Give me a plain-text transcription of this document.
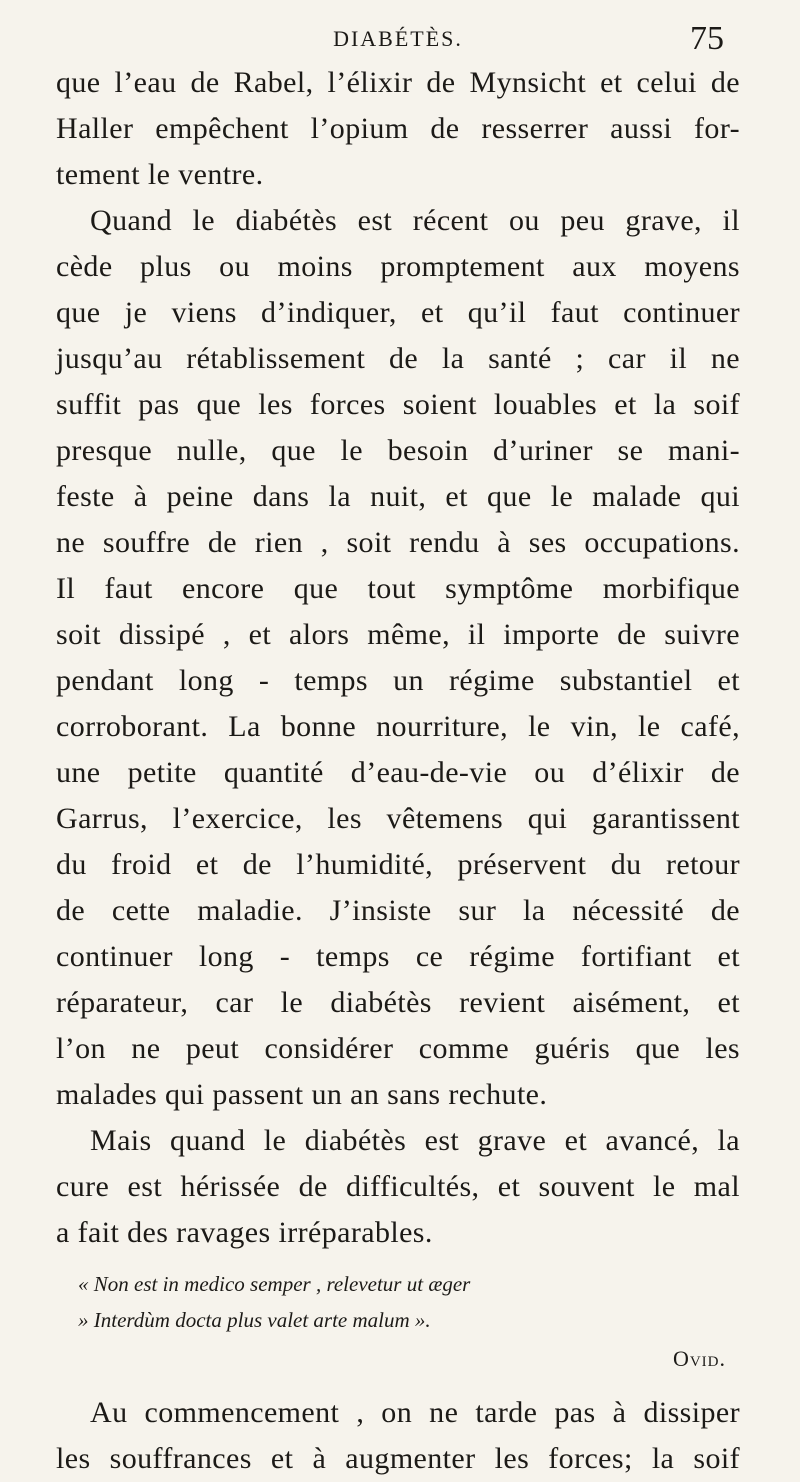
DIABÉTÈS.	75
que l’eau de Rabel, l’élixir de Mynsicht et celui de
Haller empêchent l’opium de resserrer aussi for-
tement le ventre.
Quand le diabétès est récent ou peu grave, il
cède plus ou moins promptement aux moyens
que je viens d’indiquer, et qu’il faut continuer
jusqu’au rétablissement de la santé ; car il ne
suffit pas que les forces soient louables et la soif
presque nulle, que le besoin d’uriner se mani-
feste à peine dans la nuit, et que le malade qui
ne souffre de rien , soit rendu à ses occupations.
Il faut encore que tout symptôme morbifique
soit dissipé , et alors même, il importe de suivre
pendant long - temps un régime substantiel et
corroborant. La bonne nourriture, le vin, le café,
une petite quantité d’eau-de-vie ou d’élixir de
Garrus, l’exercice, les vêtemens qui garantissent
du froid et de l’humidité, préservent du retour
de cette maladie. J’insiste sur la nécessité de
continuer long - temps ce régime fortifiant et
réparateur, car le diabétès revient aisément, et
l’on ne peut considérer comme guéris que les
malades qui passent un an sans rechute.
Mais quand le diabétès est grave et avancé, la
cure est hérissée de difficultés, et souvent le mal
a fait des ravages irréparables.
« Non est in medico semper , relevetur ut æger
» Interdùm docta plus valet arte malum ».
Ovid.
Au commencement , on ne tarde pas à dissiper
les souffrances et à augmenter les forces; la soif
